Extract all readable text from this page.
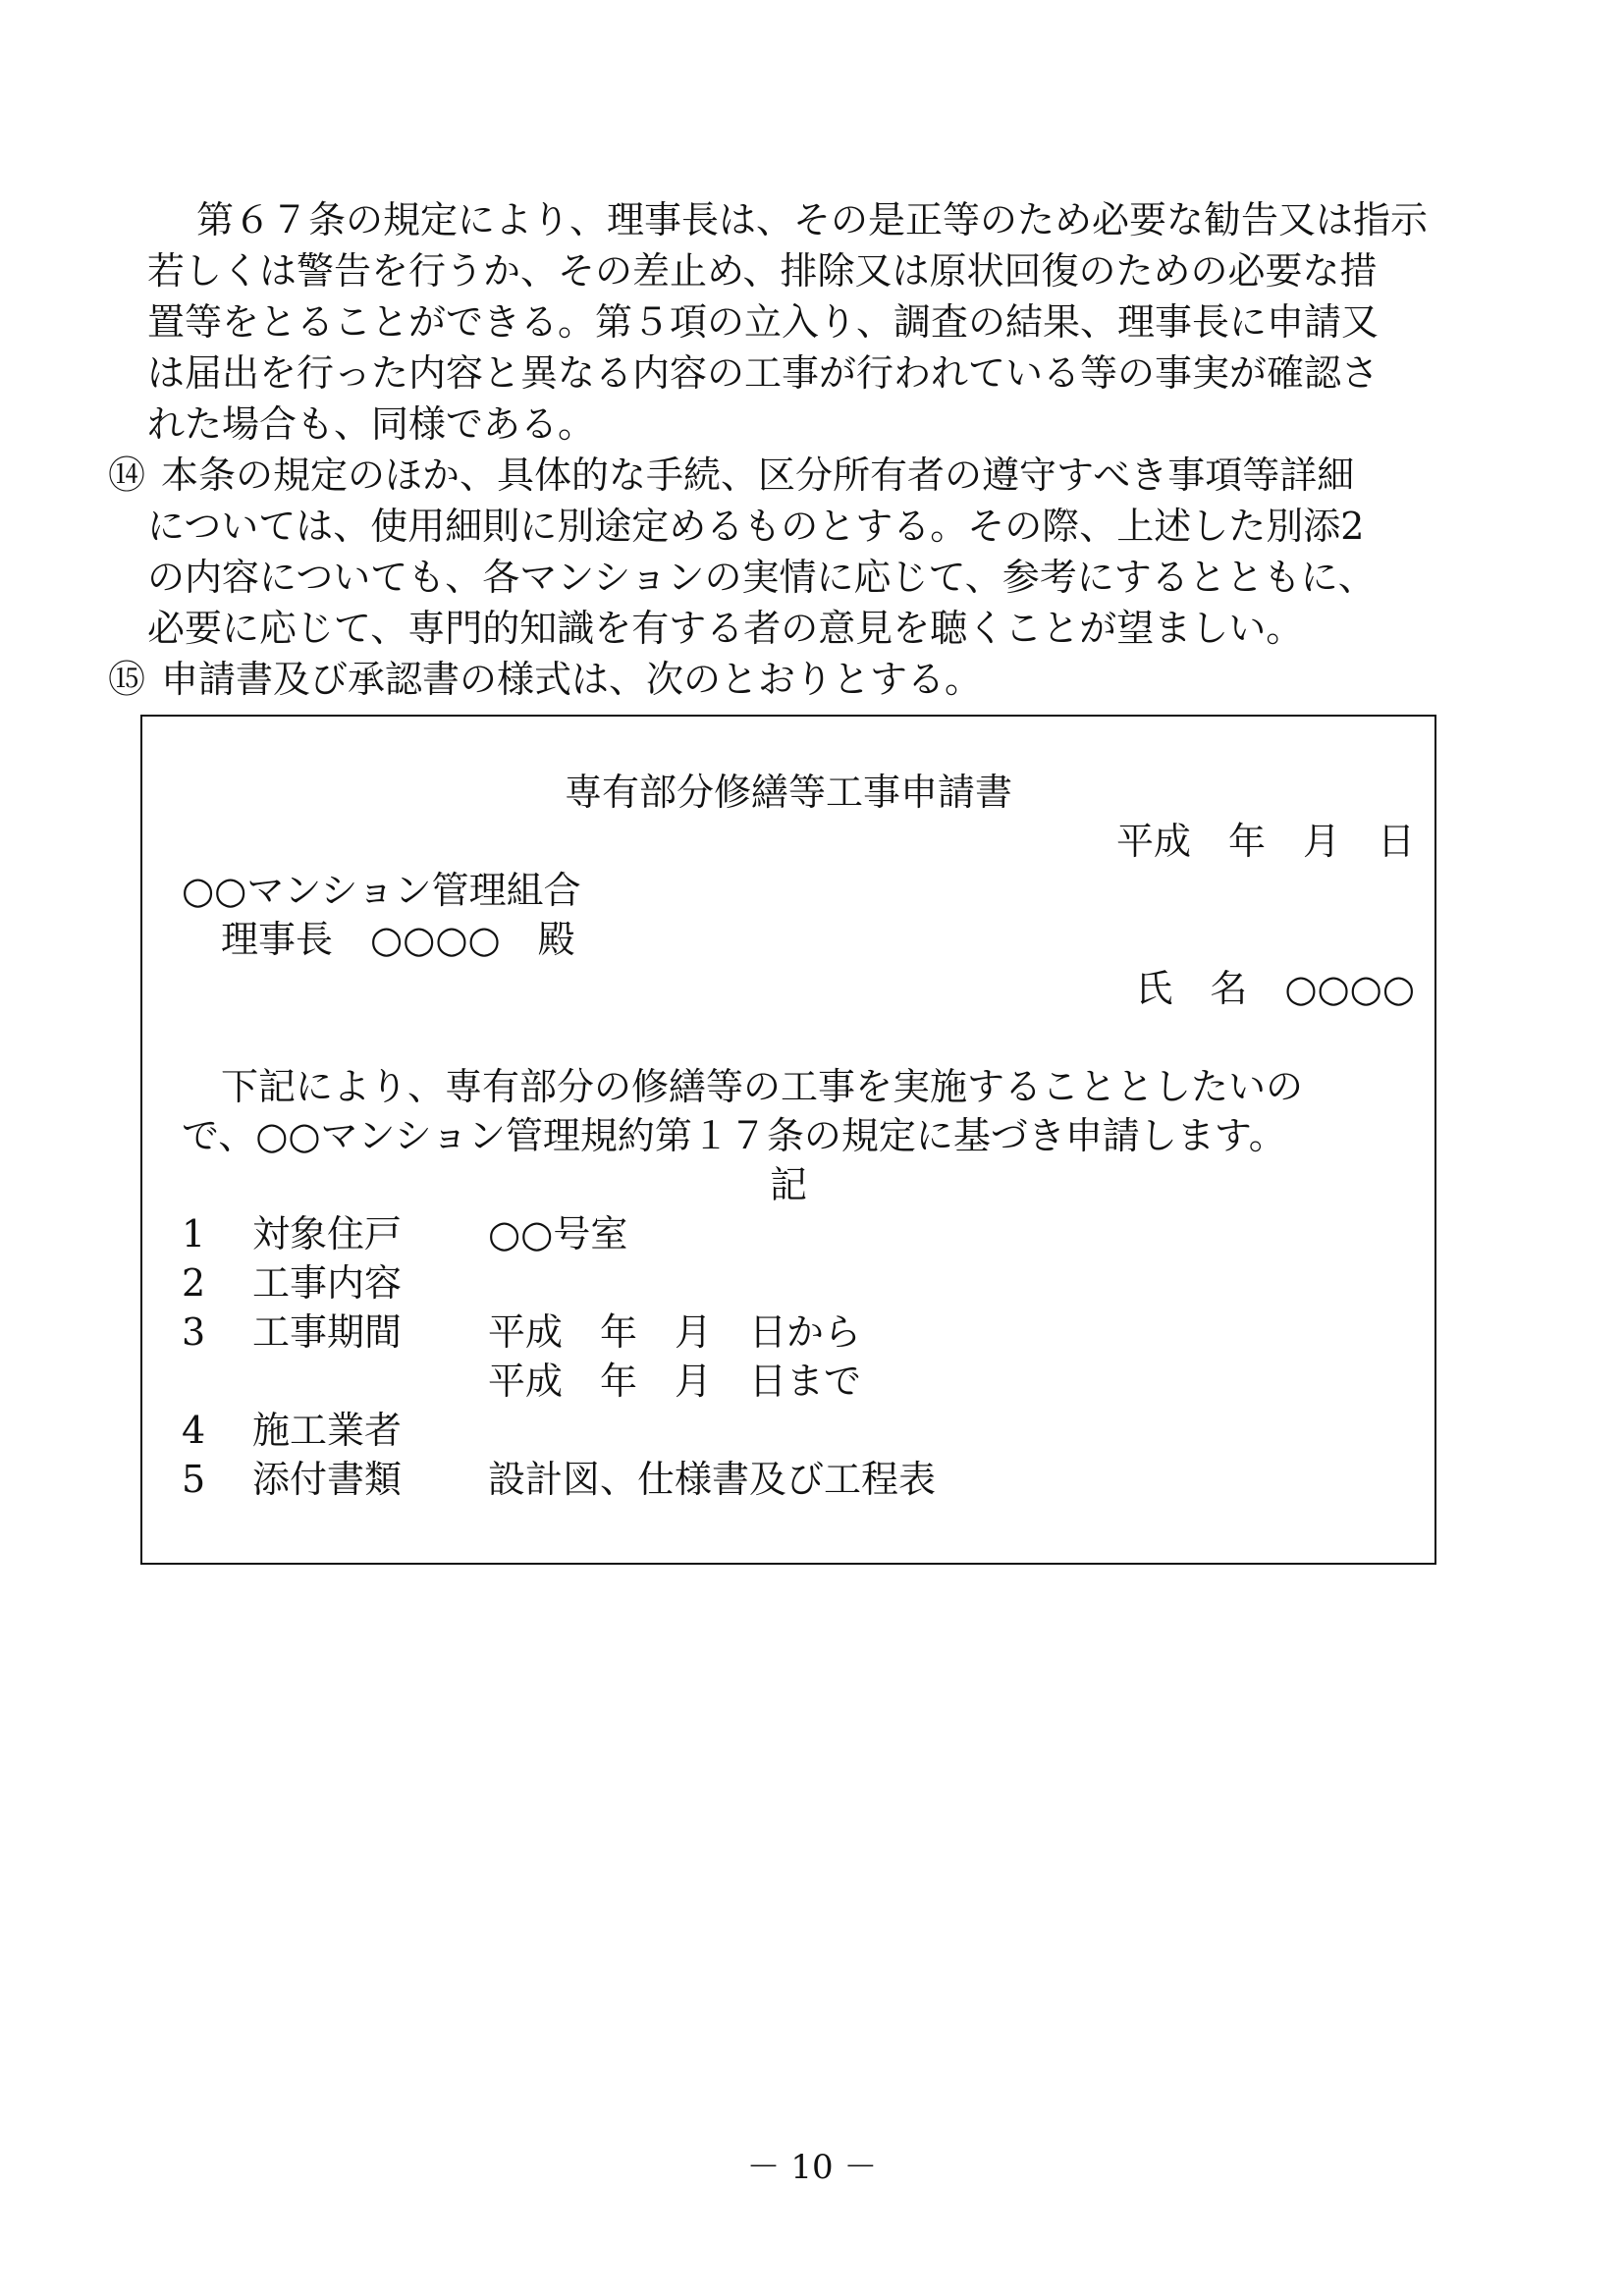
第６７条の規定により、理事長は、その是正等のため必要な勧告又は指示
若しくは警告を行うか、その差止め、排除又は原状回復のための必要な措
置等をとることができる。第５項の立入り、調査の結果、理事長に申請又
は届出を行った内容と異なる内容の工事が行われている等の事実が確認さ
れた場合も、同様である。
⑭ 本条の規定のほか、具体的な手続、区分所有者の遵守すべき事項等詳細
については、使用細則に別途定めるものとする。その際、上述した別添2
の内容についても、各マンションの実情に応じて、参考にするとともに、
必要に応じて、専門的知識を有する者の意見を聴くことが望ましい。
⑮ 申請書及び承認書の様式は、次のとおりとする。
専有部分修繕等工事申請書
平成　年　月　日
○○マンション管理組合
理事長　○○○○　殿
氏　名　○○○○
下記により、専有部分の修繕等の工事を実施することとしたいの
で、○○マンション管理規約第１７条の規定に基づき申請します。
記
1 対象住戸 ○○号室
2 工事内容
3 工事期間 平成　年　月　日から
平成　年　月　日まで
4 施工業者
5 添付書類 設計図、仕様書及び工程表
－ 10 －
